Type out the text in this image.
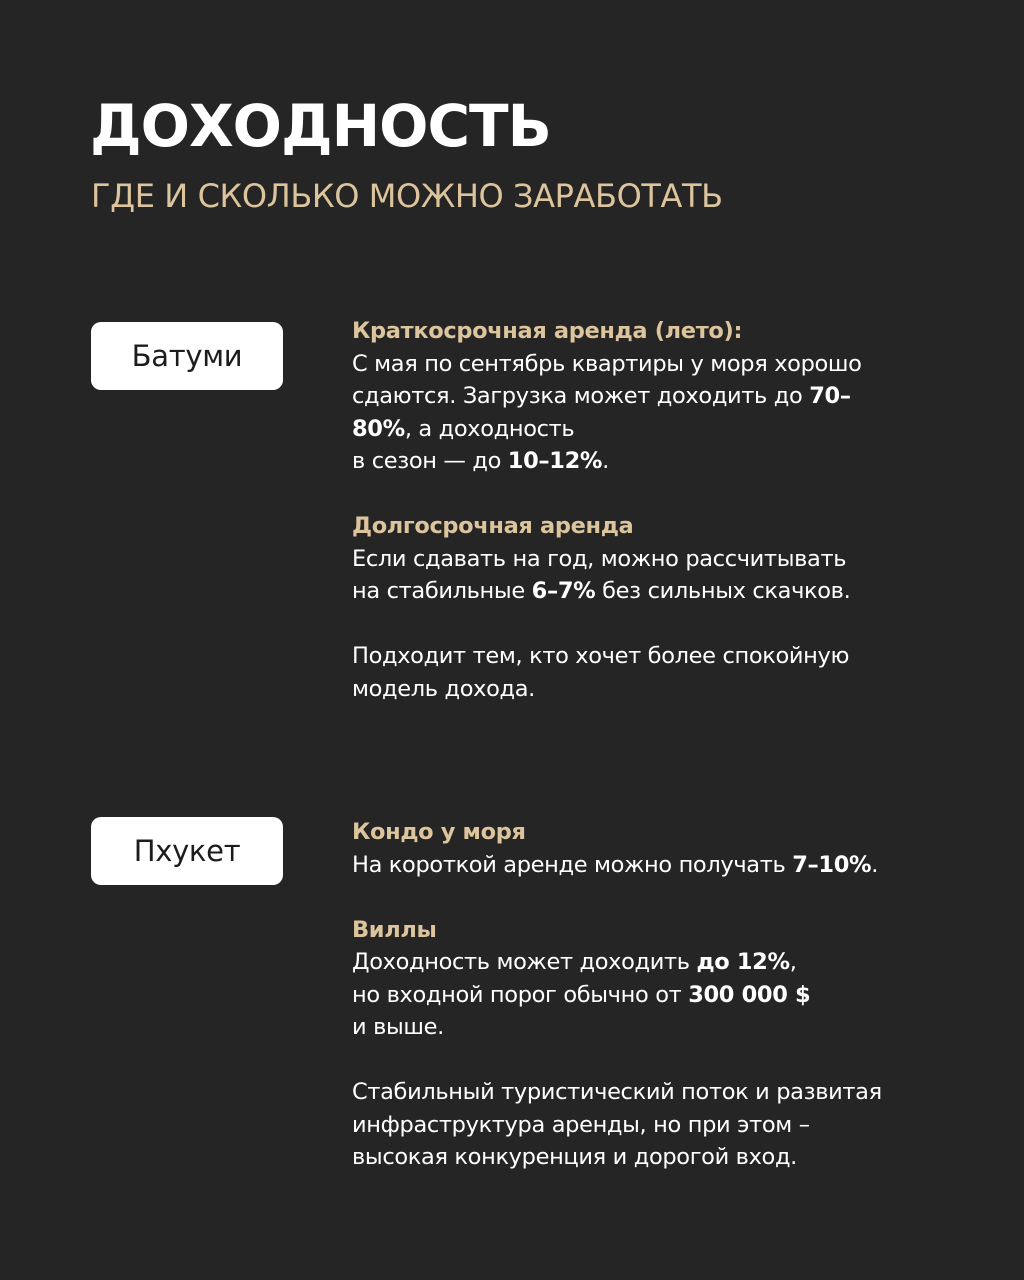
ДОХОДНОСТЬ
ГДЕ И СКОЛЬКО МОЖНО ЗАРАБОТАТЬ
Батуми

Краткосрочная аренда (лето):
С мая по сентябрь квартиры у моря хорошо
сдаются. Загрузка может доходить до 70–
80%, а доходность
в сезон — до 10–12%.

Долгосрочная аренда
Если сдавать на год, можно рассчитывать
на стабильные 6–7% без сильных скачков.

Подходит тем, кто хочет более спокойную
модель дохода.

Пхукет

Кондо у моря
На короткой аренде можно получать 7–10%.

Виллы
Доходность может доходить до 12%,
но входной порог обычно от 300 000 $
и выше.

Стабильный туристический поток и развитая
инфраструктура аренды, но при этом –
высокая конкуренция и дорогой вход.
